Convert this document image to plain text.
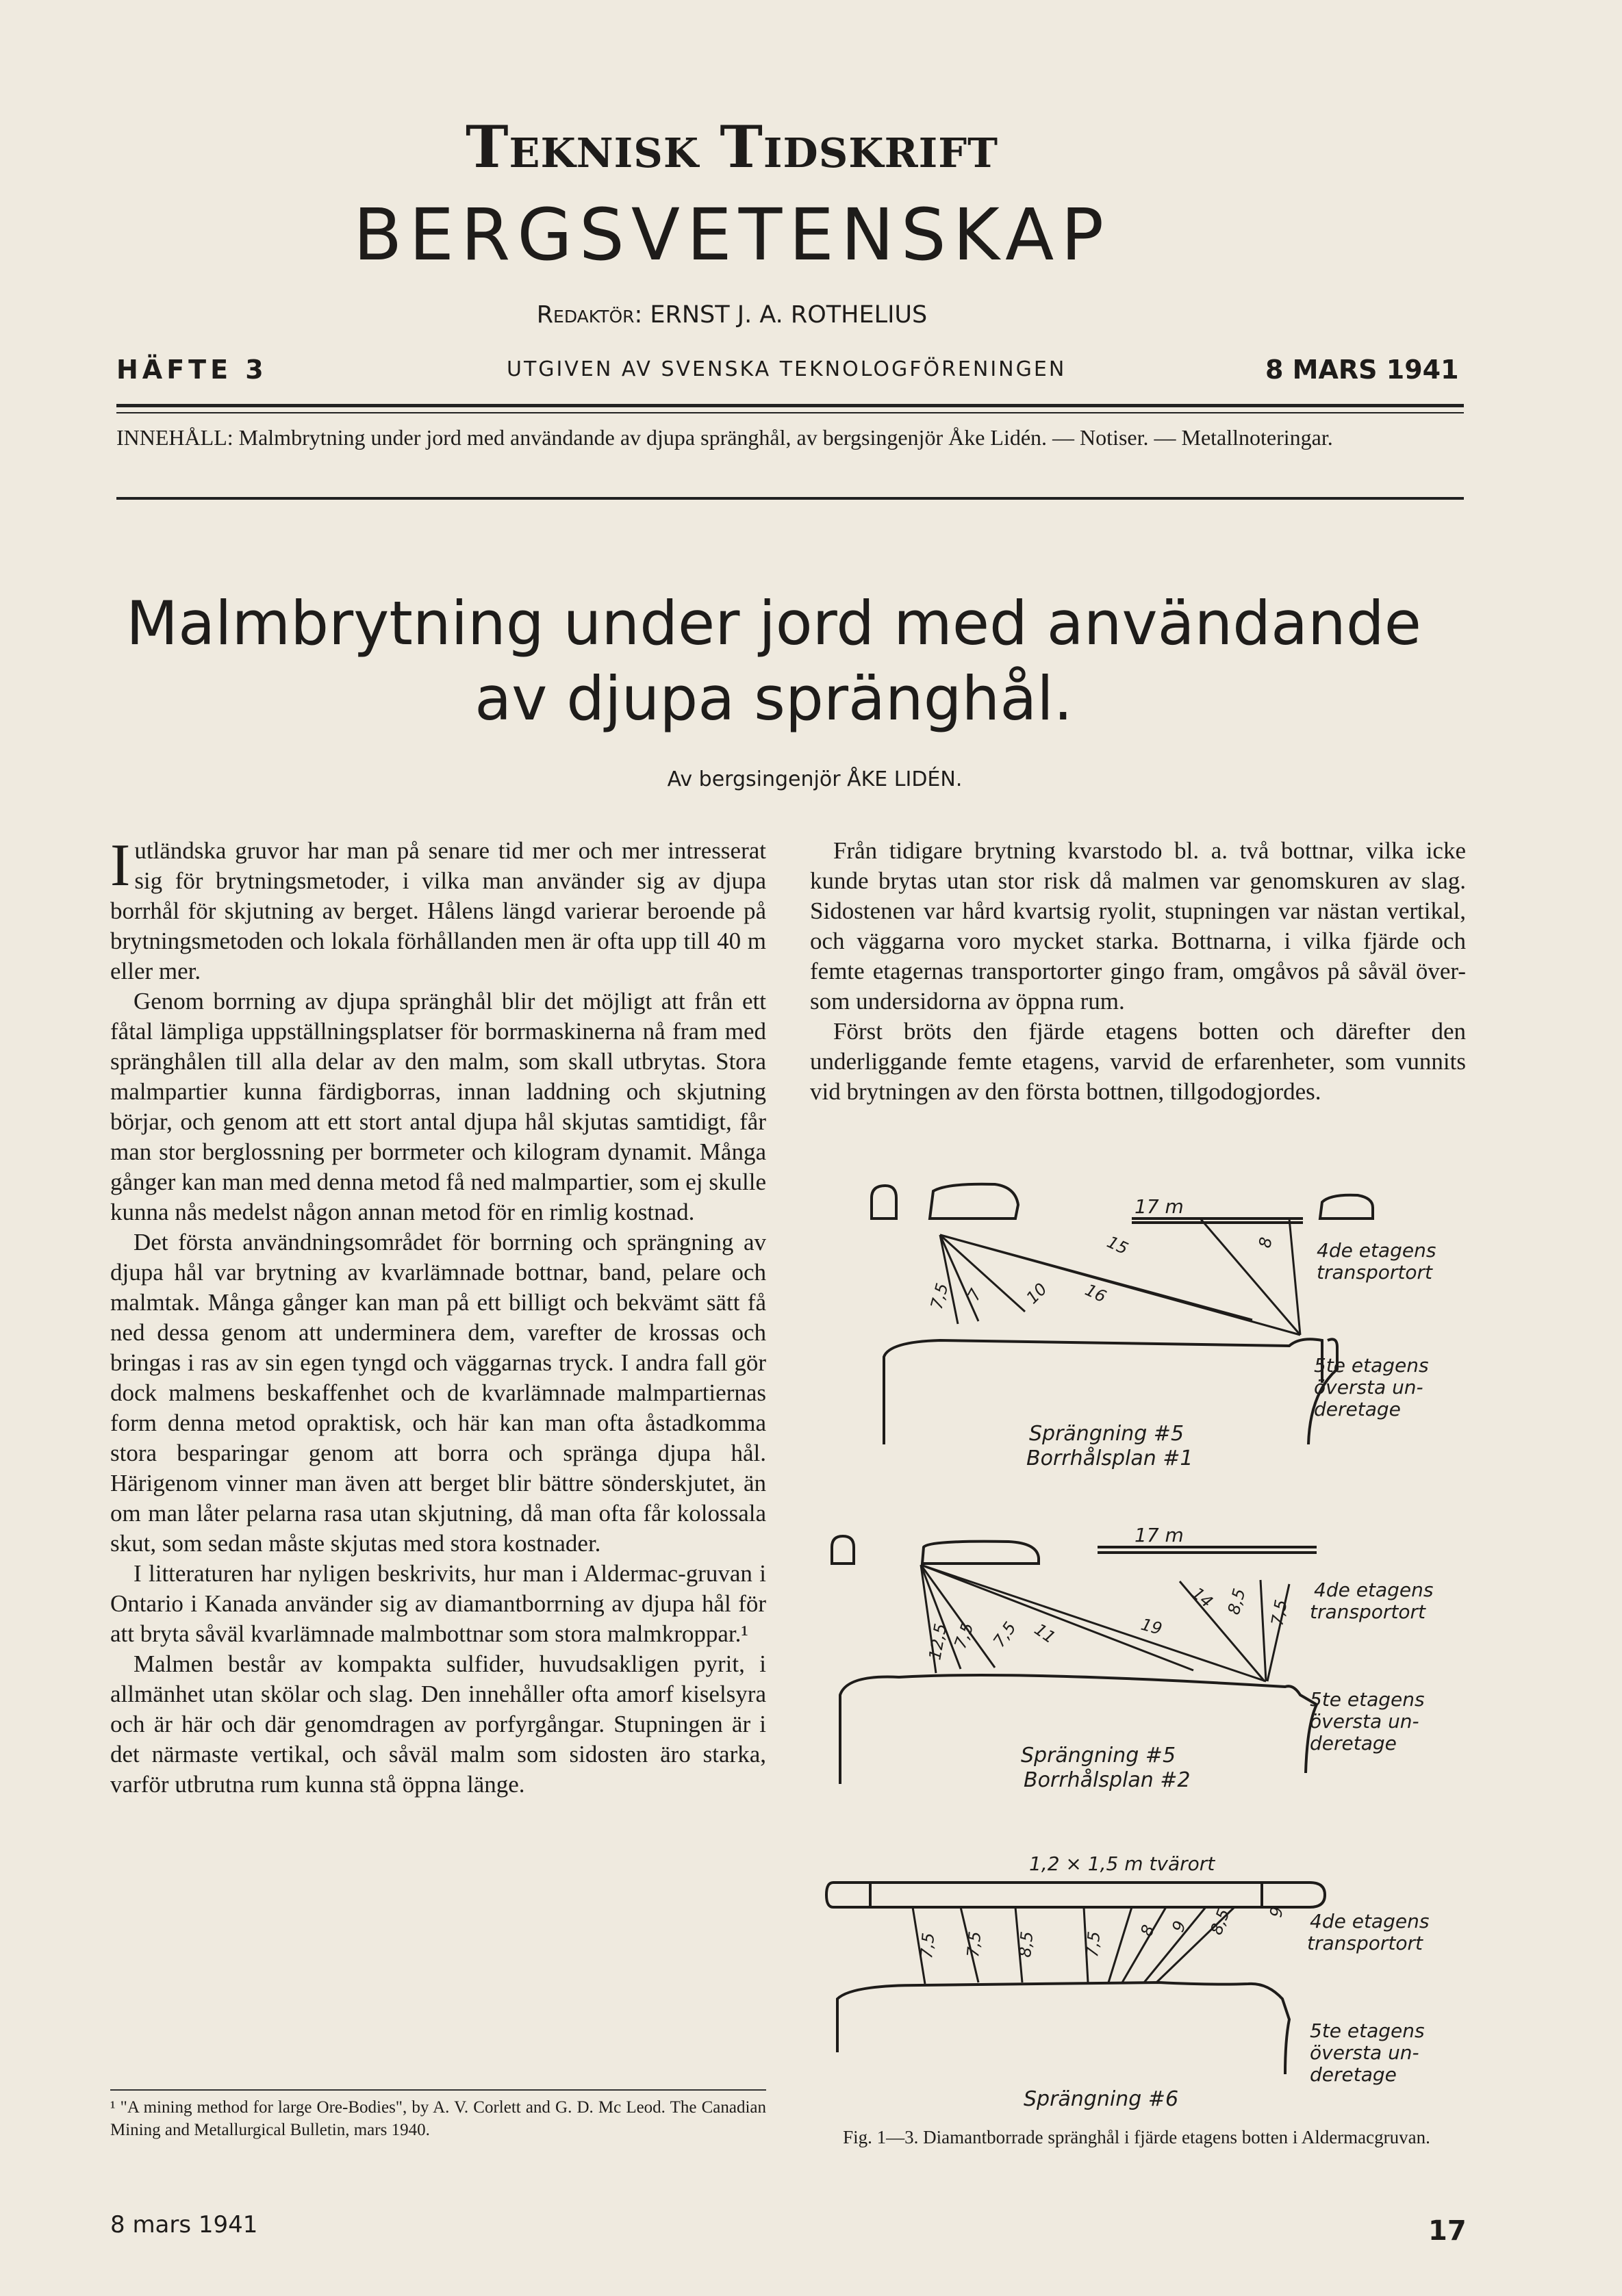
Teknisk Tidskrift
BERGSVETENSKAP
Redaktör: ERNST J. A. ROTHELIUS
HÄFTE 3	UTGIVEN AV SVENSKA TEKNOLOGFÖRENINGEN	8 MARS 1941
INNEHÅLL: Malmbrytning under jord med användande av djupa spränghål, av bergsingenjör Åke Lidén. — Notiser. — Metallnoteringar.
Malmbrytning under jord med användande
av djupa spränghål.
Av bergsingenjör ÅKE LIDÉN.

Iutländska gruvor har man på senare tid mer och mer intresserat sig för brytningsmetoder, i vilka man använder sig av djupa borrhål för skjutning av berget. Hålens längd varierar beroende på brytningsmetoden och lokala förhållanden men är ofta upp till 40 m eller mer.

Genom borrning av djupa spränghål blir det möjligt att från ett fåtal lämpliga uppställningsplatser för borrmaskinerna nå fram med spränghålen till alla delar av den malm, som skall utbrytas. Stora malmpartier kunna färdigborras, innan laddning och skjutning börjar, och genom att ett stort antal djupa hål skjutas samtidigt, får man stor berglossning per borrmeter och kilogram dynamit. Många gånger kan man med denna metod få ned malmpartier, som ej skulle kunna nås medelst någon annan metod för en rimlig kostnad.

Det första användningsområdet för borrning och sprängning av djupa hål var brytning av kvarlämnade bottnar, band, pelare och malmtak. Många gånger kan man på ett billigt och bekvämt sätt få ned dessa genom att underminera dem, varefter de krossas och bringas i ras av sin egen tyngd och väggarnas tryck. I andra fall gör dock malmens beskaffenhet och de kvarlämnade malmpartiernas form denna metod opraktisk, och här kan man ofta åstadkomma stora besparingar genom att borra och spränga djupa hål. Härigenom vinner man även att berget blir bättre sönderskjutet, än om man låter pelarna rasa utan skjutning, då man ofta får kolossala skut, som sedan måste skjutas med stora kostnader.

I litteraturen har nyligen beskrivits, hur man i Aldermac-gruvan i Ontario i Kanada använder sig av diamantborrning av djupa hål för att bryta såväl kvarlämnade malmbottnar som stora malmkroppar.¹

Malmen består av kompakta sulfider, huvudsakligen pyrit, i allmänhet utan skölar och slag. Den innehåller ofta amorf kiselsyra och är här och där genomdragen av porfyrgångar. Stupningen är i det närmaste vertikal, och såväl malm som sidosten äro starka, varför utbrutna rum kunna stå öppna länge.

¹ "A mining method for large Ore-Bodies", by A. V. Corlett and G. D. Mc Leod. The Canadian Mining and Metallurgical Bulletin, mars 1940.

Från tidigare brytning kvarstodo bl. a. två bottnar, vilka icke kunde brytas utan stor risk då malmen var genomskuren av slag. Sidostenen var hård kvartsig ryolit, stupningen var nästan vertikal, och väggarna voro mycket starka. Bottnarna, i vilka fjärde och femte etagernas transportorter gingo fram, omgåvos på såväl över- som undersidorna av öppna rum.

Först bröts den fjärde etagens botten och därefter den underliggande femte etagens, varvid de erfarenheter, som vunnits vid brytningen av den första bottnen, tillgodogjordes.

7,5 7 10
15
16
8
17 m
4de etagens
transportort
5te etagens
översta un-
deretage
Sprängning #5
Borrhålsplan #1
12,5 7,5 7,5 11	19
14 8,5 7,5
17 m
4de etagens
transportort
5te etagens
översta un-
deretage
Sprängning #5
Borrhålsplan #2
7,5 7,5 8,5	7,5 8 9 8,5 9
1,2 × 1,5 m tvärort
4de etagens
transportort
5te etagens
översta un-
deretage
Sprängning #6
Fig. 1—3. Diamantborrade spränghål i fjärde etagens botten i Aldermacgruvan.
8 mars 1941	17
